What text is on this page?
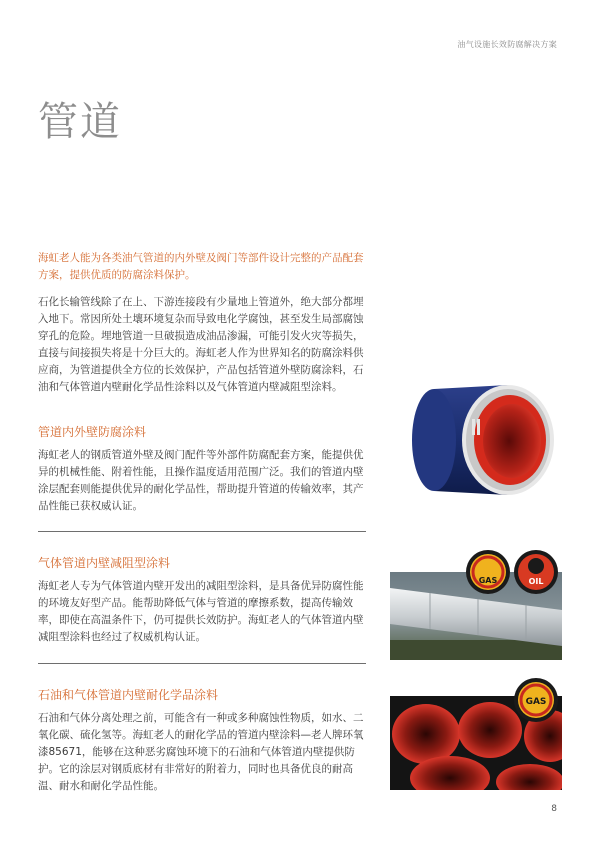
油气设施长效防腐解决方案
管道
海虹老人能为各类油气管道的内外壁及阀门等部件设计完整的产品配套方案，提供优质的防腐涂料保护。
石化长输管线除了在上、下游连接段有少量地上管道外，绝大部分都埋入地下。常因所处土壤环境复杂而导致电化学腐蚀，甚至发生局部腐蚀穿孔的危险。埋地管道一旦破损造成油品渗漏，可能引发火灾等损失，直接与间接损失将是十分巨大的。海虹老人作为世界知名的防腐涂料供应商，为管道提供全方位的长效保护，产品包括管道外壁防腐涂料，石油和气体管道内壁耐化学品性涂料以及气体管道内壁减阻型涂料。
管道内外壁防腐涂料
海虹老人的钢质管道外壁及阀门配件等外部件防腐配套方案，能提供优异的机械性能、附着性能，且操作温度适用范围广泛。我们的管道内壁涂层配套则能提供优异的耐化学品性，帮助提升管道的传输效率，其产品性能已获权威认证。
气体管道内壁减阻型涂料
海虹老人专为气体管道内壁开发出的减阻型涂料，是具备优异防腐性能的环境友好型产品。能帮助降低气体与管道的摩擦系数，提高传输效率，即使在高温条件下，仍可提供长效防护。海虹老人的气体管道内壁减阻型涂料也经过了权威机构认证。
GAS	OIL
石油和气体管道内壁耐化学品涂料
石油和气体分离处理之前，可能含有一种或多种腐蚀性物质，如水、二氧化碳、硫化氢等。海虹老人的耐化学品的管道内壁涂料—老人牌环氧漆85671，能够在这种恶劣腐蚀环境下的石油和气体管道内壁提供防护。它的涂层对钢质底材有非常好的附着力，同时也具备优良的耐高温、耐水和耐化学品性能。
GAS
8
